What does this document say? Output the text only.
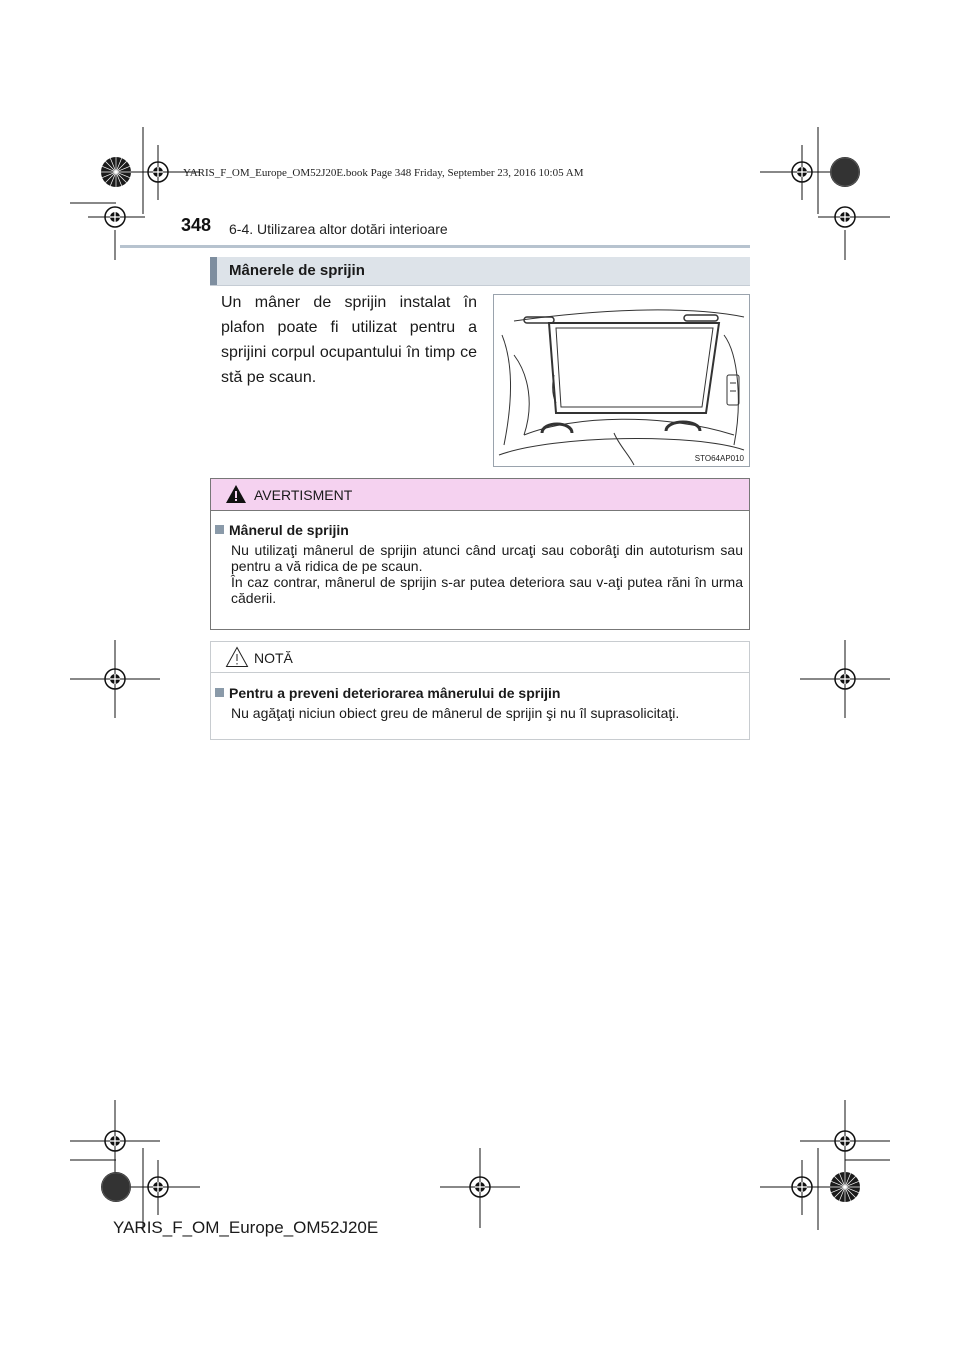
YARIS_F_OM_Europe_OM52J20E.book Page 348 Friday, September 23, 2016 10:05 AM
348 6-4. Utilizarea altor dotări interioare
Mânerele de sprijin
Un mâner de sprijin instalat în plafon poate fi utilizat pentru a sprijini corpul ocupantului în timp ce stă pe scaun.
STO64AP010
AVERTISMENT
Mânerul de sprijin

Nu utilizaţi mânerul de sprijin atunci când urcaţi sau coborâţi din autoturism sau pentru a vă ridica de pe scaun.

În caz contrar, mânerul de sprijin s-ar putea deteriora sau v-aţi putea răni în urma căderii.

NOTĂ
Pentru a preveni deteriorarea mânerului de sprijin

Nu agăţaţi niciun obiect greu de mânerul de sprijin şi nu îl suprasolicitaţi.

YARIS_F_OM_Europe_OM52J20E
